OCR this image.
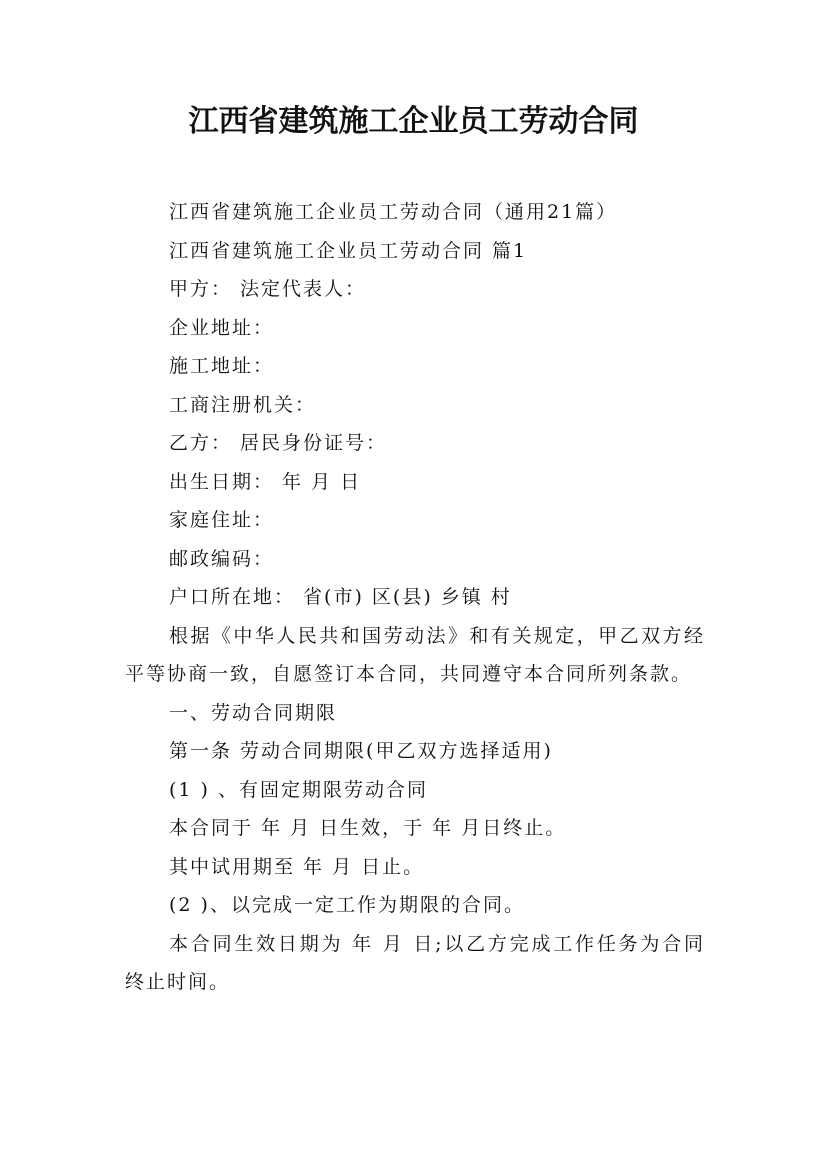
江西省建筑施工企业员工劳动合同

江西省建筑施工企业员工劳动合同（通用21篇）

江西省建筑施工企业员工劳动合同 篇1

甲方： 法定代表人：

企业地址：

施工地址：

工商注册机关：

乙方： 居民身份证号：

出生日期： 年 月 日

家庭住址：

邮政编码：

户口所在地： 省(市) 区(县) 乡镇 村

根据《中华人民共和国劳动法》和有关规定，甲乙双方经平等协商一致，自愿签订本合同，共同遵守本合同所列条款。

一、劳动合同期限

第一条 劳动合同期限(甲乙双方选择适用)

(1 ) 、有固定期限劳动合同

本合同于 年 月 日生效，于 年 月日终止。

其中试用期至 年 月 日止。

(2 )、以完成一定工作为期限的合同。

本合同生效日期为 年 月 日;以乙方完成工作任务为合同终止时间。
